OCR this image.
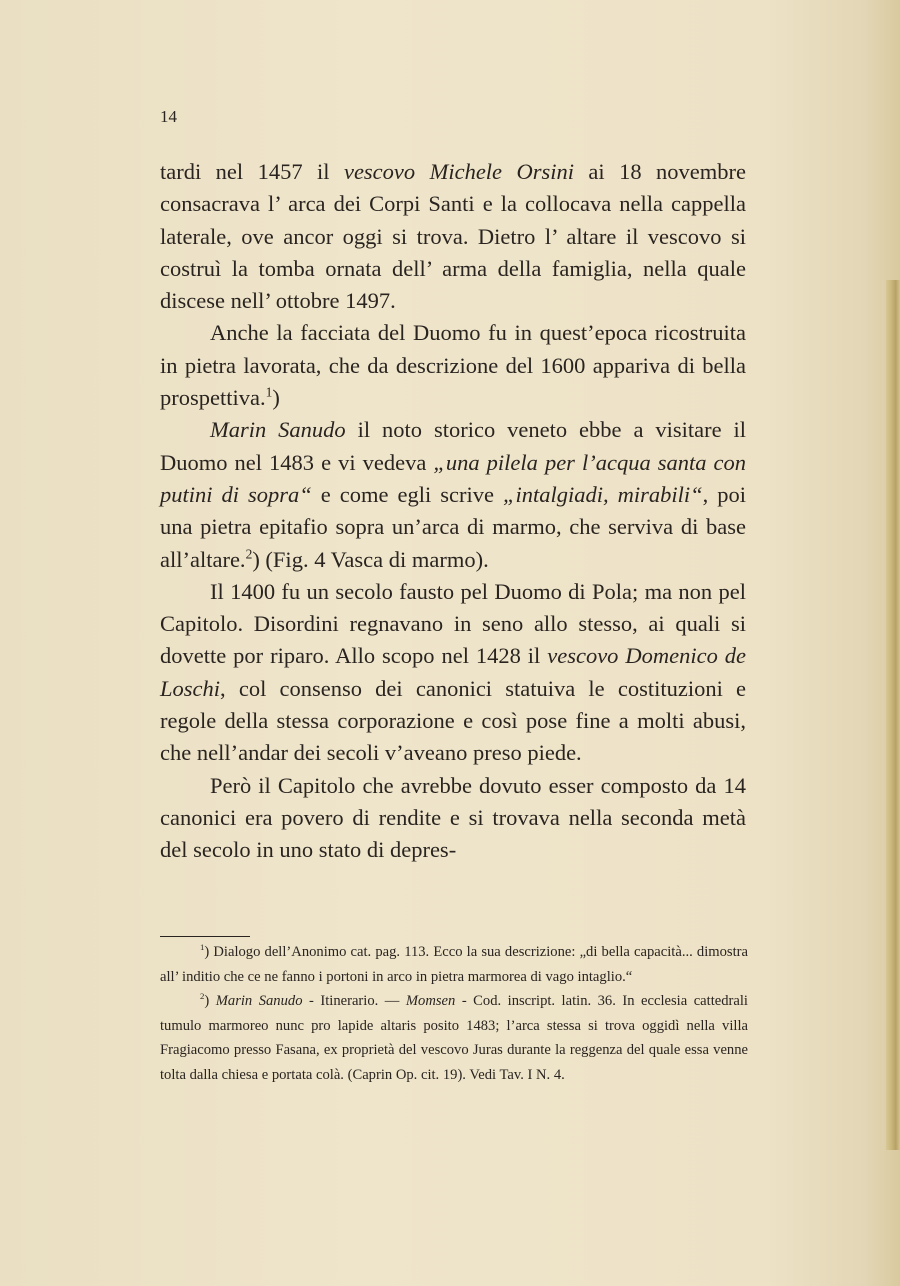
14

tardi nel 1457 il vescovo Michele Orsini ai 18 novembre consacrava l’ arca dei Corpi Santi e la collocava nella cappella laterale, ove ancor oggi si trova. Dietro l’ altare il vescovo si costruì la tomba ornata dell’ arma della famiglia, nella quale discese nell’ ottobre 1497.

Anche la facciata del Duomo fu in quest’epoca ricostruita in pietra lavorata, che da descrizione del 1600 appariva di bella prospettiva.$^1$)

Marin Sanudo il noto storico veneto ebbe a visitare il Duomo nel 1483 e vi vedeva „una pilela per l’acqua santa con putini di sopra“ e come egli scrive „intalgiadi, mirabili“, poi una pietra epitafio sopra un’arca di marmo, che serviva di base all’altare.$^2$) (Fig. 4 Vasca di marmo).

Il 1400 fu un secolo fausto pel Duomo di Pola; ma non pel Capitolo. Disordini regnavano in seno allo stesso, ai quali si dovette por riparo. Allo scopo nel 1428 il vescovo Domenico de Loschi, col consenso dei canonici statuiva le costituzioni e regole della stessa corporazione e così pose fine a molti abusi, che nell’andar dei secoli v’aveano preso piede.

Però il Capitolo che avrebbe dovuto esser composto da 14 canonici era povero di rendite e si trovava nella seconda metà del secolo in uno stato di depres-

$^1$) Dialogo dell’Anonimo cat. pag. 113. Ecco la sua descrizione: „di bella capacità... dimostra all’ inditio che ce ne fanno i portoni in arco in pietra marmorea di vago intaglio.“

$^2$) Marin Sanudo - Itinerario. — Momsen - Cod. inscript. latin. 36. In ecclesia cattedrali tumulo marmoreo nunc pro lapide altaris posito 1483; l’arca stessa si trova oggidì nella villa Fragiacomo presso Fasana, ex proprietà del vescovo Juras durante la reggenza del quale essa venne tolta dalla chiesa e portata colà. (Caprin Op. cit. 19). Vedi Tav. I N. 4.
